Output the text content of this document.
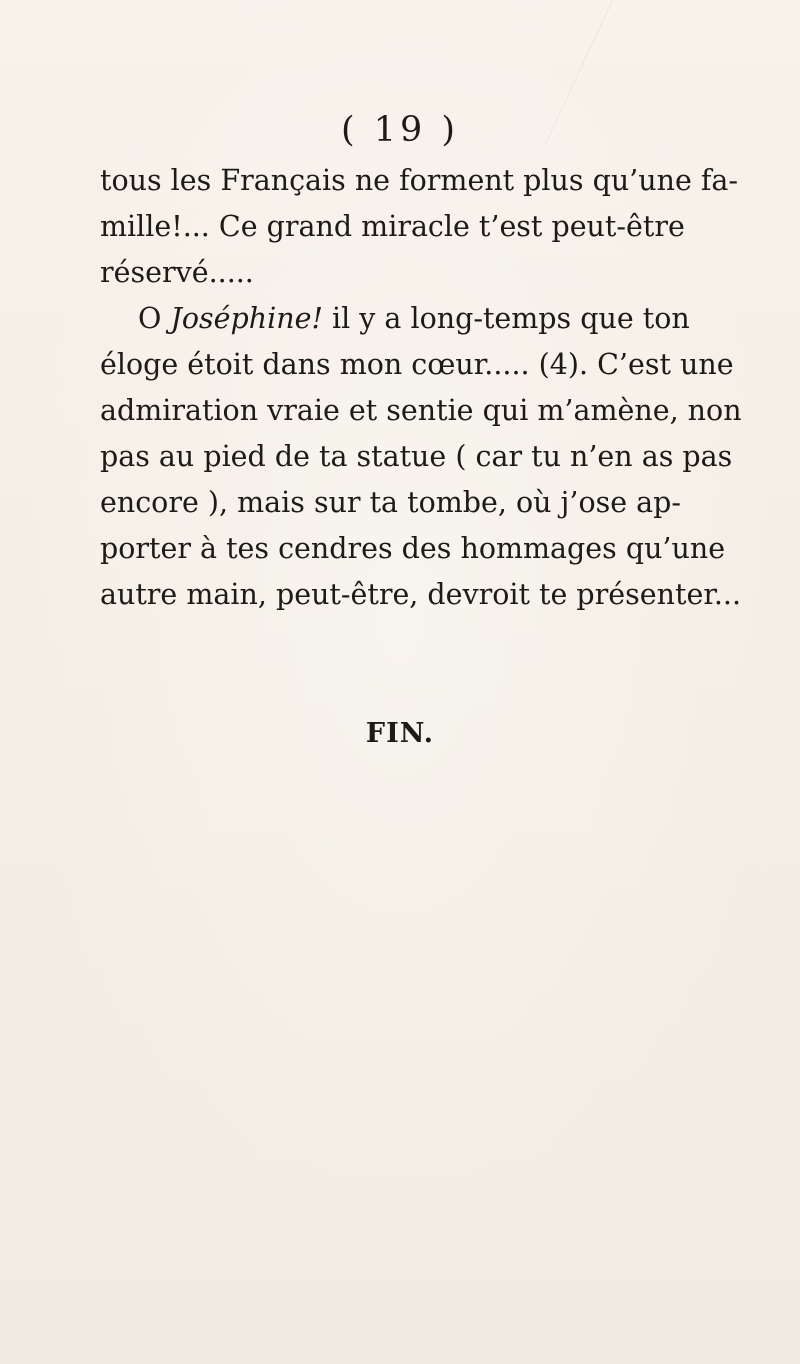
( 19 )
tous les Français ne forment plus qu’une fa-
mille!... Ce grand miracle t’est peut-être
réservé.....
O Joséphine! il y a long-temps que ton
éloge étoit dans mon cœur..... (4). C’est une
admiration vraie et sentie qui m’amène, non
pas au pied de ta statue ( car tu n’en as pas
encore ), mais sur ta tombe, où j’ose ap-
porter à tes cendres des hommages qu’une
autre main, peut-être, devroit te présenter...
FIN.
